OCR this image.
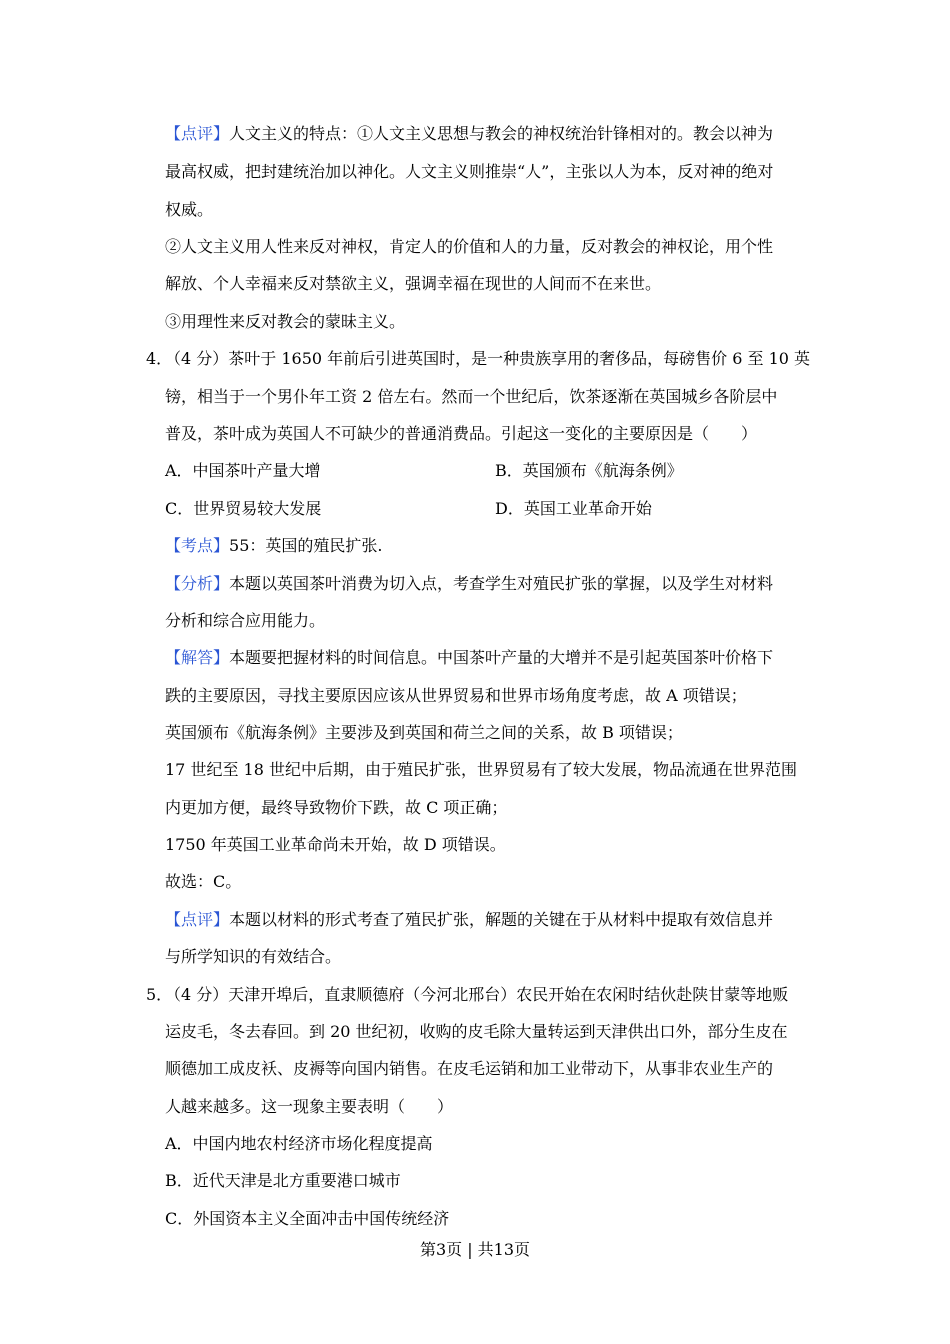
【点评】人文主义的特点：①人文主义思想与教会的神权统治针锋相对的。教会以神为
最高权威，把封建统治加以神化。人文主义则推崇“人”，主张以人为本，反对神的绝对
权威。
②人文主义用人性来反对神权，肯定人的价值和人的力量，反对教会的神权论，用个性
解放、个人幸福来反对禁欲主义，强调幸福在现世的人间而不在来世。
③用理性来反对教会的蒙昧主义。
4．
（4 分）茶叶于 1650 年前后引进英国时，是一种贵族享用的奢侈品，每磅售价 6 至 10 英
镑，相当于一个男仆年工资 2 倍左右。然而一个世纪后，饮茶逐渐在英国城乡各阶层中
普及，茶叶成为英国人不可缺少的普通消费品。引起这一变化的主要原因是（　　）
A．中国茶叶产量大增	B．英国颁布《航海条例》
C．世界贸易较大发展	D．英国工业革命开始
【考点】55：英国的殖民扩张.
【分析】本题以英国茶叶消费为切入点，考查学生对殖民扩张的掌握，以及学生对材料
分析和综合应用能力。
【解答】本题要把握材料的时间信息。中国茶叶产量的大增并不是引起英国茶叶价格下
跌的主要原因，寻找主要原因应该从世界贸易和世界市场角度考虑，故 A 项错误；
英国颁布《航海条例》主要涉及到英国和荷兰之间的关系，故 B 项错误；
17 世纪至 18 世纪中后期，由于殖民扩张，世界贸易有了较大发展，物品流通在世界范围
内更加方便，最终导致物价下跌，故 C 项正确；
1750 年英国工业革命尚未开始，故 D 项错误。
故选：C。
【点评】本题以材料的形式考查了殖民扩张，解题的关键在于从材料中提取有效信息并
与所学知识的有效结合。
5．
（4 分）天津开埠后，直隶顺德府（今河北邢台）农民开始在农闲时结伙赴陕甘蒙等地贩
运皮毛，冬去春回。到 20 世纪初，收购的皮毛除大量转运到天津供出口外，部分生皮在
顺德加工成皮袄、皮褥等向国内销售。在皮毛运销和加工业带动下，从事非农业生产的
人越来越多。这一现象主要表明（　　）
A．中国内地农村经济市场化程度提高
B．近代天津是北方重要港口城市
C．外国资本主义全面冲击中国传统经济
第3页 | 共13页
